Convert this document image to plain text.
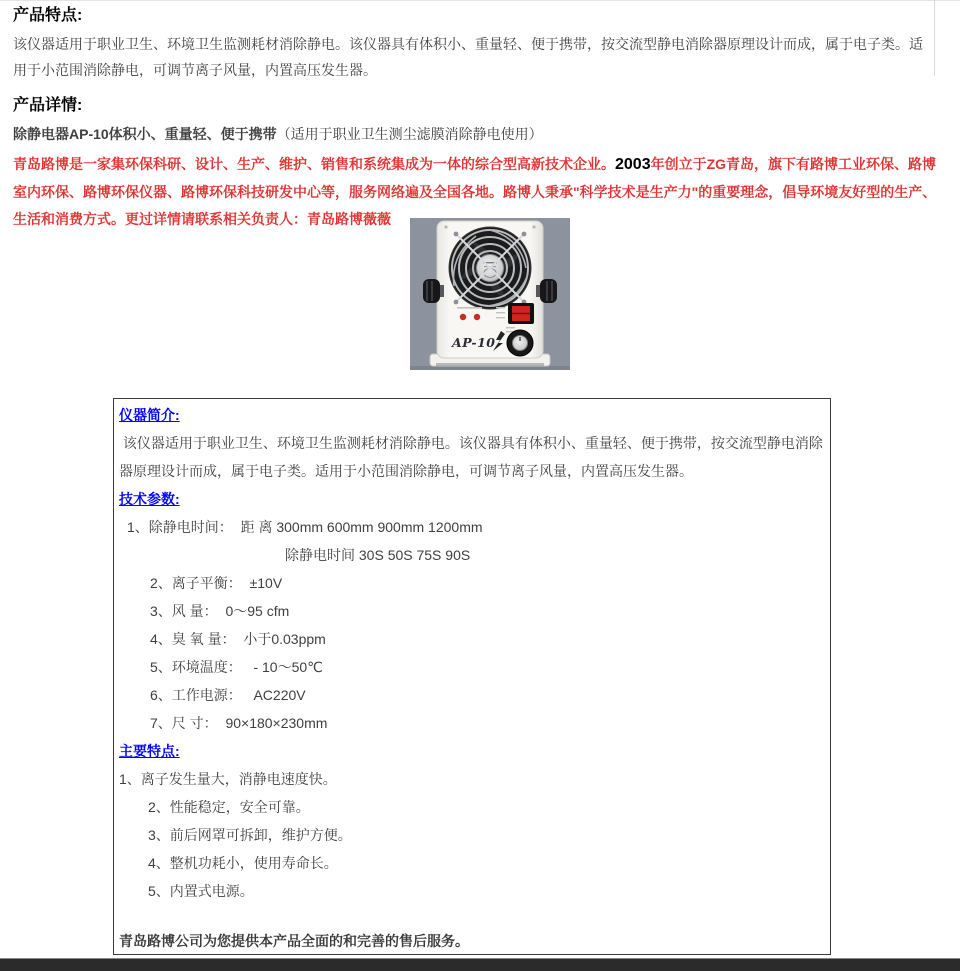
产品特点:
该仪器适用于职业卫生、环境卫生监测耗材消除静电。该仪器具有体积小、重量轻、便于携带，按交流型静电消除器原理设计而成，属于电子类。适用于小范围消除静电，可调节离子风量，内置高压发生器。
产品详情:
除静电器AP-10体积小、重量轻、便于携带（适用于职业卫生测尘滤膜消除静电使用）
青岛路博是一家集环保科研、设计、生产、维护、销售和系统集成为一体的综合型高新技术企业。2003年创立于ZG青岛，旗下有路博工业环保、路博室内环保、路博环保仪器、路博环保科技研发中心等，服务网络遍及全国各地。路博人秉承"科学技术是生产力"的重要理念，倡导环境友好型的生产、生活和消费方式。更过详情请联系相关负责人：青岛路博薇薇
AP-10
仪器简介:
该仪器适用于职业卫生、环境卫生监测耗材消除静电。该仪器具有体积小、重量轻、便于携带，按交流型静电消除器原理设计而成，属于电子类。适用于小范围消除静电，可调节离子风量，内置高压发生器。
技术参数:
1、除静电时间：  距 离 300mm 600mm 900mm 1200mm
除静电时间 30S 50S 75S 90S
2、离子平衡：  ±10V
3、风 量：  0～95 cfm
4、臭 氧 量：  小于0.03ppm
5、环境温度：   - 10～50℃
6、工作电源：   AC220V
7、尺 寸：  90×180×230mm
主要特点:
1、离子发生量大，消静电速度快。
2、性能稳定，安全可靠。
3、前后网罩可拆卸，维护方便。
4、整机功耗小，使用寿命长。
5、内置式电源。
青岛路博公司为您提供本产品全面的和完善的售后服务。
